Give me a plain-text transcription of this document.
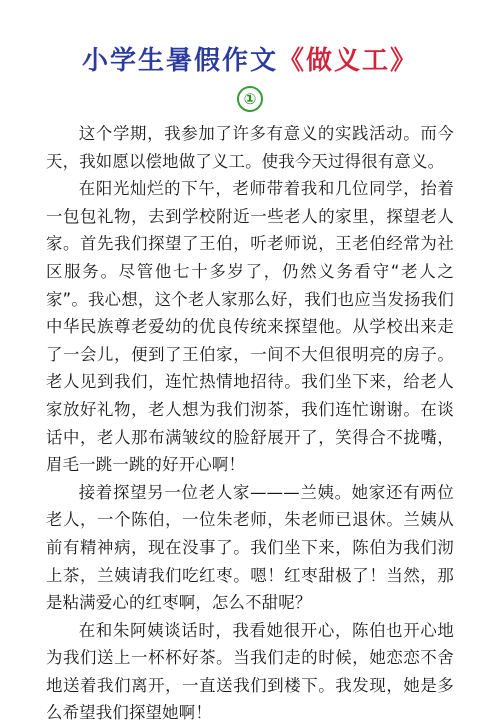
小学生暑假作文《做义工》
①

这个学期，我参加了许多有意义的实践活动。而今天，我如愿以偿地做了义工。使我今天过得很有意义。

在阳光灿烂的下午，老师带着我和几位同学，抬着一包包礼物，去到学校附近一些老人的家里，探望老人家。首先我们探望了王伯，听老师说，王老伯经常为社区服务。尽管他七十多岁了，仍然义务看守“老人之家”。我心想，这个老人家那么好，我们也应当发扬我们中华民族尊老爱幼的优良传统来探望他。从学校出来走了一会儿，便到了王伯家，一间不大但很明亮的房子。老人见到我们，连忙热情地招待。我们坐下来，给老人家放好礼物，老人想为我们沏茶，我们连忙谢谢。在谈话中，老人那布满皱纹的脸舒展开了，笑得合不拢嘴，眉毛一跳一跳的好开心啊！

接着探望另一位老人家———兰姨。她家还有两位老人，一个陈伯，一位朱老师，朱老师已退休。兰姨从前有精神病，现在没事了。我们坐下来，陈伯为我们沏上茶，兰姨请我们吃红枣。嗯！红枣甜极了！当然，那是粘满爱心的红枣啊，怎么不甜呢？

在和朱阿姨谈话时，我看她很开心，陈伯也开心地为我们送上一杯杯好茶。当我们走的时候，她恋恋不舍地送着我们离开，一直送我们到楼下。我发现，她是多么希望我们探望她啊！
